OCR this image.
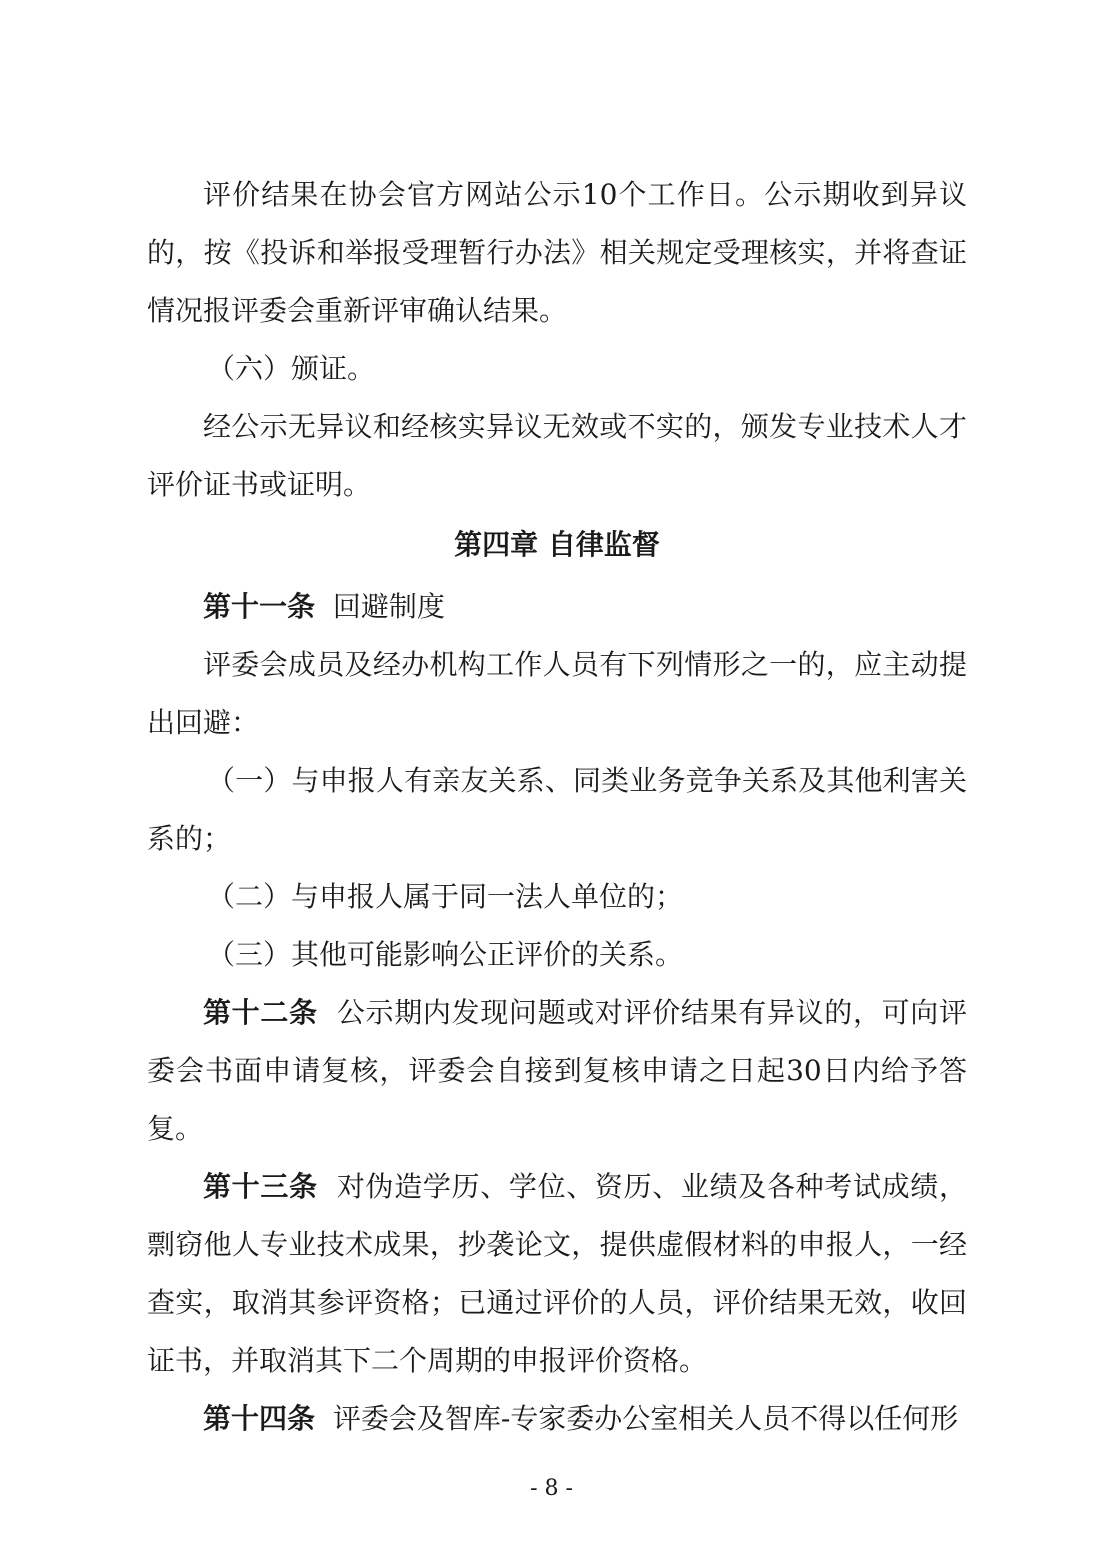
评价结果在协会官方网站公示10个工作日。公示期收到异议的，按《投诉和举报受理暂行办法》相关规定受理核实，并将查证情况报评委会重新评审确认结果。

（六）颁证。

经公示无异议和经核实异议无效或不实的，颁发专业技术人才评价证书或证明。

第四章 自律监督

第十一条 回避制度

评委会成员及经办机构工作人员有下列情形之一的，应主动提出回避：

（一）与申报人有亲友关系、同类业务竞争关系及其他利害关系的；

（二）与申报人属于同一法人单位的；

（三）其他可能影响公正评价的关系。

第十二条 公示期内发现问题或对评价结果有异议的，可向评委会书面申请复核，评委会自接到复核申请之日起30日内给予答复。

第十三条 对伪造学历、学位、资历、业绩及各种考试成绩，剽窃他人专业技术成果，抄袭论文，提供虚假材料的申报人，一经查实，取消其参评资格；已通过评价的人员，评价结果无效，收回证书，并取消其下二个周期的申报评价资格。

第十四条 评委会及智库-专家委办公室相关人员不得以任何形

- 8 -
